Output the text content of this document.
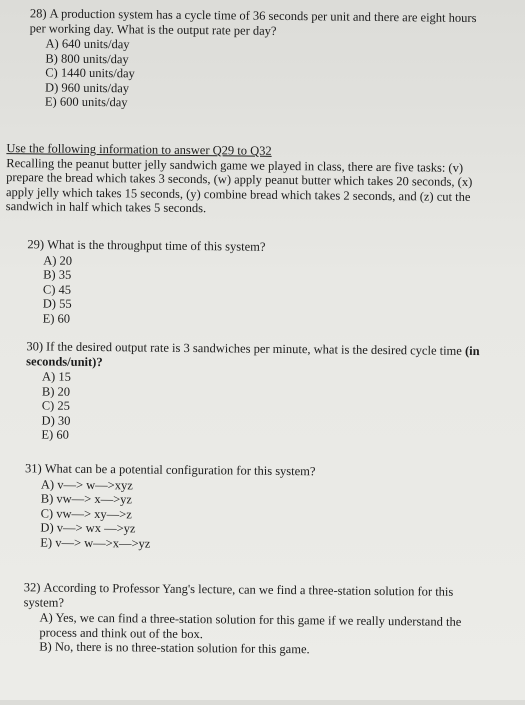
28) A production system has a cycle time of 36 seconds per unit and there are eight hours per working day. What is the output rate per day?

A) 640 units/day
B) 800 units/day
C) 1440 units/day
D) 960 units/day
E) 600 units/day
Use the following information to answer Q29 to Q32
Recalling the peanut butter jelly sandwich game we played in class, there are five tasks: (v) prepare the bread which takes 3 seconds, (w) apply peanut butter which takes 20 seconds, (x) apply jelly which takes 15 seconds, (y) combine bread which takes 2 seconds, and (z) cut the sandwich in half which takes 5 seconds.

29) What is the throughput time of this system?

A) 20
B) 35
C) 45
D) 55
E) 60

30) If the desired output rate is 3 sandwiches per minute, what is the desired cycle time (in seconds/unit)?

A) 15
B) 20
C) 25
D) 30
E) 60

31) What can be a potential configuration for this system?

A) v—> w—>xyz
B) vw—> x—>yz
C) vw—> xy—>z
D) v—> wx —>yz
E) v—> w—>x—>yz

32) According to Professor Yang's lecture, can we find a three-station solution for this system?

A) Yes, we can find a three-station solution for this game if we really understand the process and think out of the box.
B) No, there is no three-station solution for this game.
